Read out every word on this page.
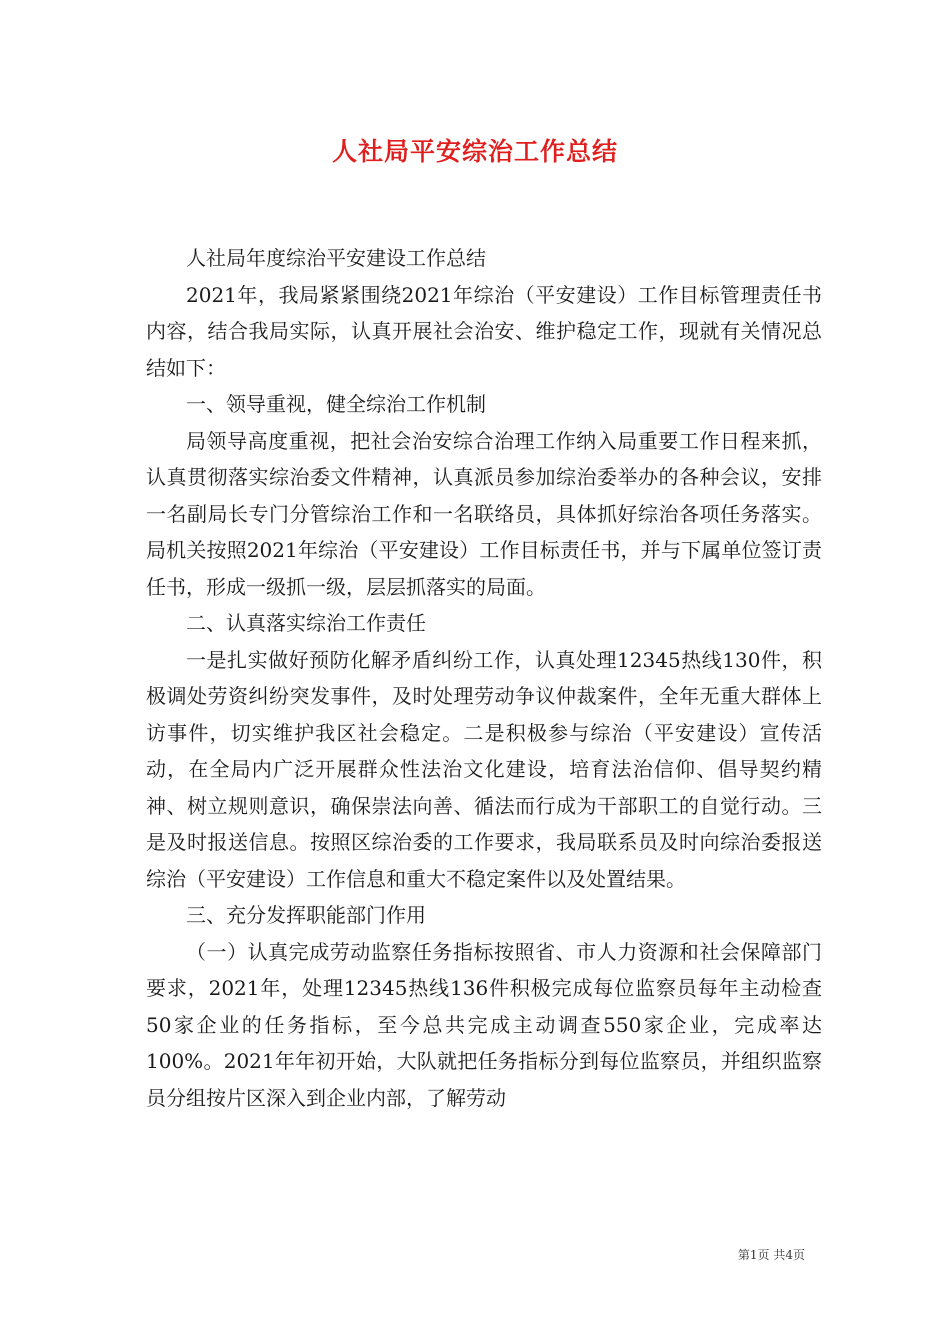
人社局平安综治工作总结

人社局年度综治平安建设工作总结

2021年，我局紧紧围绕2021年综治（平安建设）工作目标管理责任书内容，结合我局实际，认真开展社会治安、维护稳定工作，现就有关情况总结如下：

一、领导重视，健全综治工作机制

局领导高度重视，把社会治安综合治理工作纳入局重要工作日程来抓，认真贯彻落实综治委文件精神，认真派员参加综治委举办的各种会议，安排一名副局长专门分管综治工作和一名联络员，具体抓好综治各项任务落实。局机关按照2021年综治（平安建设）工作目标责任书，并与下属单位签订责任书，形成一级抓一级，层层抓落实的局面。

二、认真落实综治工作责任

一是扎实做好预防化解矛盾纠纷工作，认真处理12345热线130件，积极调处劳资纠纷突发事件，及时处理劳动争议仲裁案件，全年无重大群体上访事件，切实维护我区社会稳定。二是积极参与综治（平安建设）宣传活动，在全局内广泛开展群众性法治文化建设，培育法治信仰、倡导契约精神、树立规则意识，确保崇法向善、循法而行成为干部职工的自觉行动。三是及时报送信息。按照区综治委的工作要求，我局联系员及时向综治委报送综治（平安建设）工作信息和重大不稳定案件以及处置结果。

三、充分发挥职能部门作用

（一）认真完成劳动监察任务指标按照省、市人力资源和社会保障部门要求，2021年，处理12345热线136件积极完成每位监察员每年主动检查50家企业的任务指标，至今总共完成主动调查550家企业，完成率达100%。2021年年初开始，大队就把任务指标分到每位监察员，并组织监察员分组按片区深入到企业内部，了解劳动

第1页 共4页
